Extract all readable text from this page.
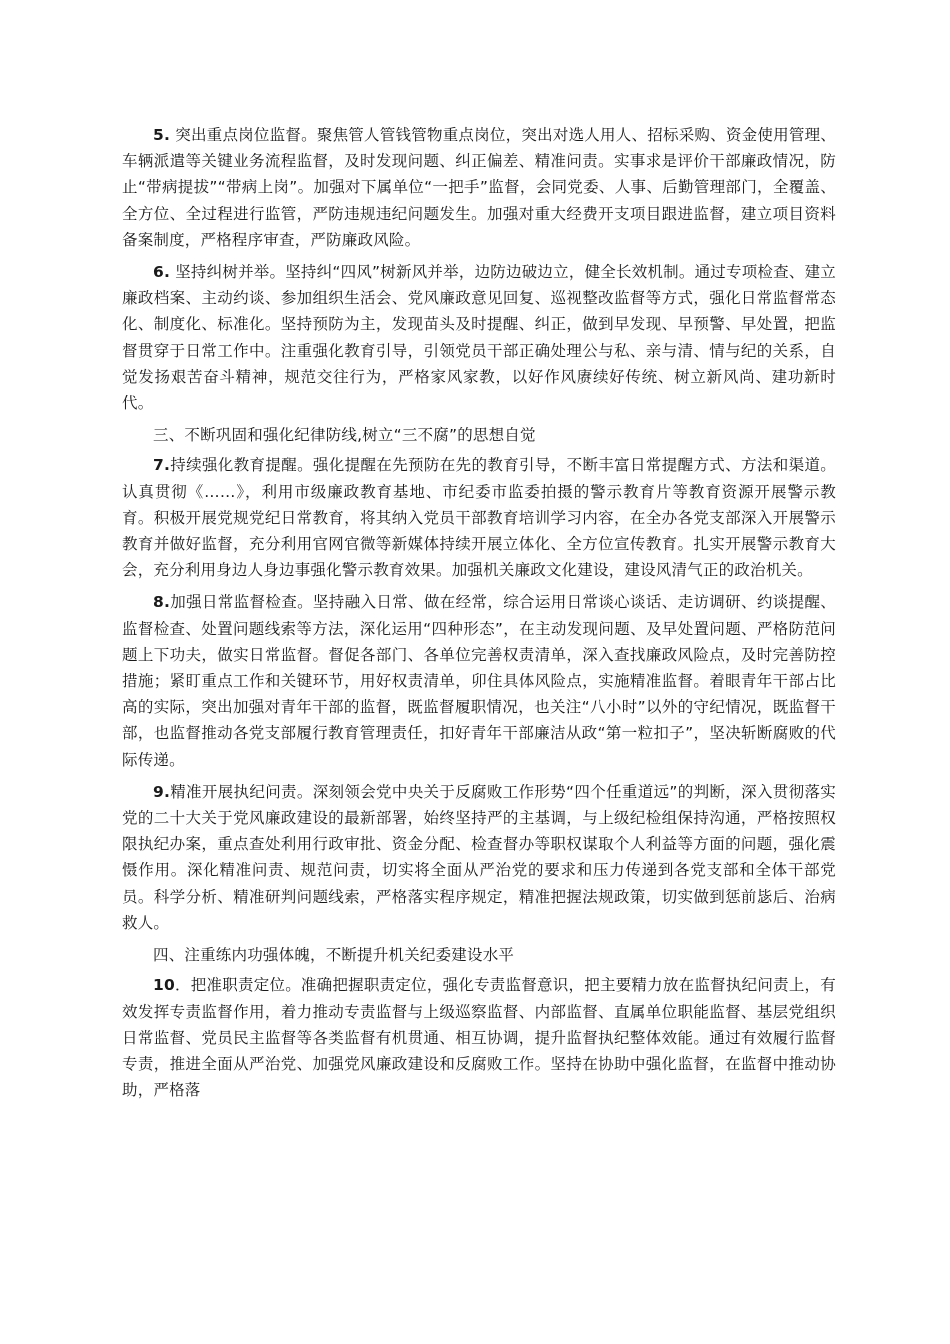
5. 突出重点岗位监督。聚焦管人管钱管物重点岗位，突出对选人用人、招标采购、资金使用管理、车辆派遣等关键业务流程监督，及时发现问题、纠正偏差、精准问责。实事求是评价干部廉政情况，防止“带病提拔”“带病上岗”。加强对下属单位“一把手”监督，会同党委、人事、后勤管理部门，全覆盖、全方位、全过程进行监管，严防违规违纪问题发生。加强对重大经费开支项目跟进监督，建立项目资料备案制度，严格程序审查，严防廉政风险。

6. 坚持纠树并举。坚持纠“四风”树新风并举，边防边破边立，健全长效机制。通过专项检查、建立廉政档案、主动约谈、参加组织生活会、党风廉政意见回复、巡视整改监督等方式，强化日常监督常态化、制度化、标准化。坚持预防为主，发现苗头及时提醒、纠正，做到早发现、早预警、早处置，把监督贯穿于日常工作中。注重强化教育引导，引领党员干部正确处理公与私、亲与清、情与纪的关系，自觉发扬艰苦奋斗精神，规范交往行为，严格家风家教，以好作风赓续好传统、树立新风尚、建功新时代。

三、不断巩固和强化纪律防线,树立“三不腐”的思想自觉

7.持续强化教育提醒。强化提醒在先预防在先的教育引导，不断丰富日常提醒方式、方法和渠道。认真贯彻《……》，利用市级廉政教育基地、市纪委市监委拍摄的警示教育片等教育资源开展警示教育。积极开展党规党纪日常教育，将其纳入党员干部教育培训学习内容，在全办各党支部深入开展警示教育并做好监督，充分利用官网官微等新媒体持续开展立体化、全方位宣传教育。扎实开展警示教育大会，充分利用身边人身边事强化警示教育效果。加强机关廉政文化建设，建设风清气正的政治机关。

8.加强日常监督检查。坚持融入日常、做在经常，综合运用日常谈心谈话、走访调研、约谈提醒、监督检查、处置问题线索等方法，深化运用“四种形态”，在主动发现问题、及早处置问题、严格防范问题上下功夫，做实日常监督。督促各部门、各单位完善权责清单，深入查找廉政风险点，及时完善防控措施；紧盯重点工作和关键环节，用好权责清单，卯住具体风险点，实施精准监督。着眼青年干部占比高的实际，突出加强对青年干部的监督，既监督履职情况，也关注“八小时”以外的守纪情况，既监督干部，也监督推动各党支部履行教育管理责任，扣好青年干部廉洁从政“第一粒扣子”，坚决斩断腐败的代际传递。

9.精准开展执纪问责。深刻领会党中央关于反腐败工作形势“四个任重道远”的判断，深入贯彻落实党的二十大关于党风廉政建设的最新部署，始终坚持严的主基调，与上级纪检组保持沟通，严格按照权限执纪办案，重点查处利用行政审批、资金分配、检查督办等职权谋取个人利益等方面的问题，强化震慑作用。深化精准问责、规范问责，切实将全面从严治党的要求和压力传递到各党支部和全体干部党员。科学分析、精准研判问题线索，严格落实程序规定，精准把握法规政策，切实做到惩前毖后、治病救人。

四、注重练内功强体魄，不断提升机关纪委建设水平

10．把准职责定位。准确把握职责定位，强化专责监督意识，把主要精力放在监督执纪问责上，有效发挥专责监督作用，着力推动专责监督与上级巡察监督、内部监督、直属单位职能监督、基层党组织日常监督、党员民主监督等各类监督有机贯通、相互协调，提升监督执纪整体效能。通过有效履行监督专责，推进全面从严治党、加强党风廉政建设和反腐败工作。坚持在协助中强化监督，在监督中推动协助，严格落
